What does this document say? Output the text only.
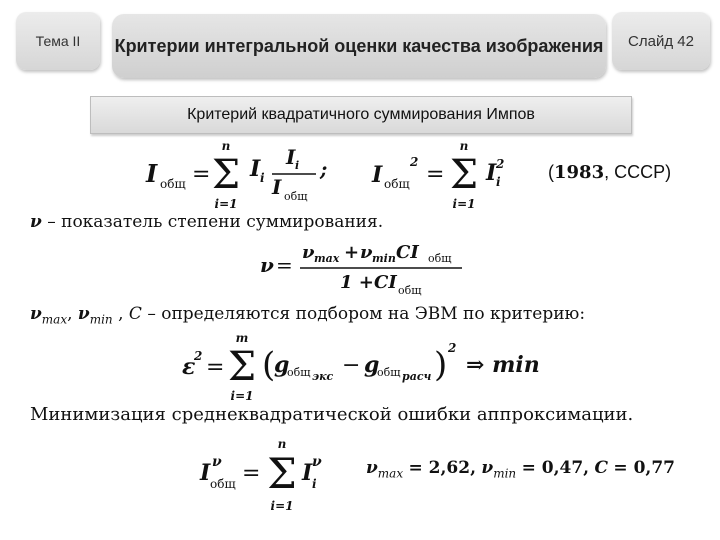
Тема II Критерии интегральной оценки качества изображения Слайд 42
Критерий квадратичного суммирования Импов
I общ =
n
Σ
i=1
I i
I i
I общ
; I общ
2 =
n
Σ
i=1
I i
2 (1983, СССР)
ν – показатель степени суммирования.
ν =
ν max + ν min CI общ
1 + CI общ
$\nu_{max}$, $\nu_{min}$ , C – определяются подбором на ЭВМ по критерию:
ε
2 =
m
Σ
i=1
(
g
общ экс − g
общ расч ) 2
⇒ min
Минимизация среднеквадратической ошибки аппроксимации.
I ν
общ =
n
Σ
i=1
I ν
i
$\nu_{max} = 2,62$, $\nu_{min} = 0,47$, C = 0,77
